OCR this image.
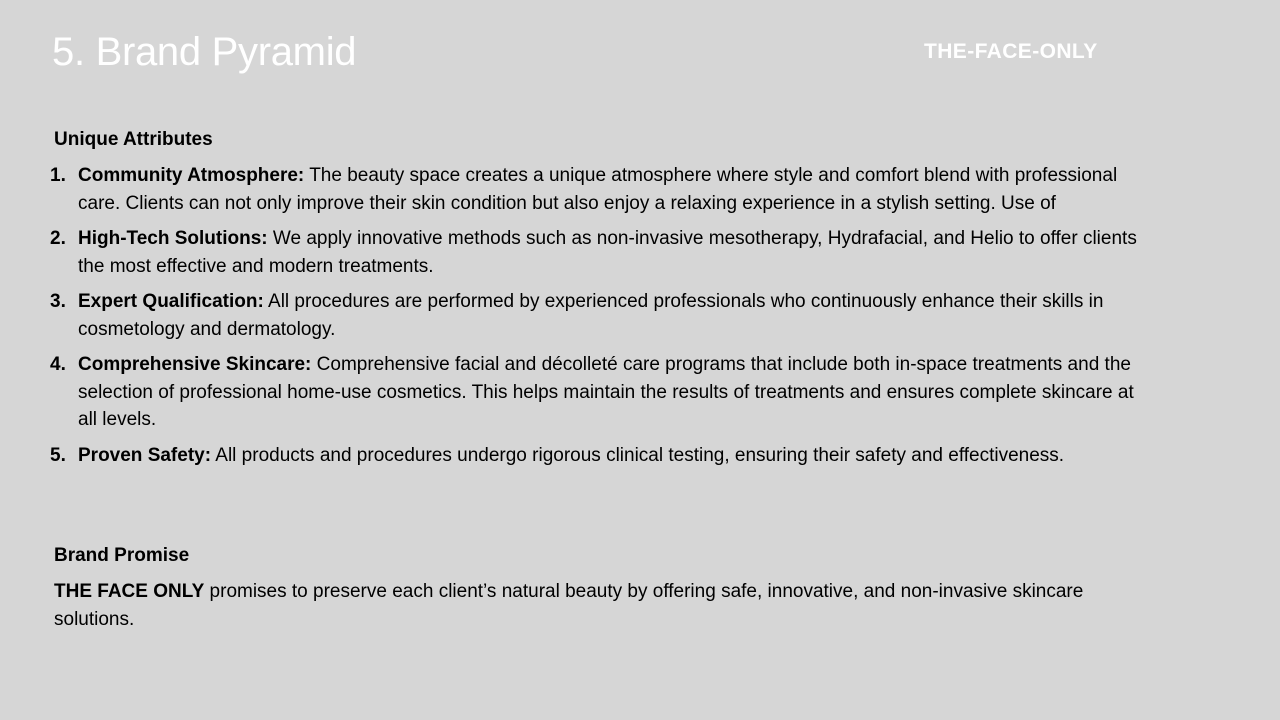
5. Brand Pyramid	THE-FACE-ONLY
Unique Attributes
1. Community Atmosphere: The beauty space creates a unique atmosphere where style and comfort blend with professional care. Clients can not only improve their skin condition but also enjoy a relaxing experience in a stylish setting. Use of
2. High-Tech Solutions: We apply innovative methods such as non-invasive mesotherapy, Hydrafacial, and Helio to offer clients the most effective and modern treatments.
3. Expert Qualification: All procedures are performed by experienced professionals who continuously enhance their skills in cosmetology and dermatology.
4. Comprehensive Skincare: Comprehensive facial and décolleté care programs that include both in-space treatments and the selection of professional home-use cosmetics. This helps maintain the results of treatments and ensures complete skincare at all levels.
5. Proven Safety: All products and procedures undergo rigorous clinical testing, ensuring their safety and effectiveness.
Brand Promise

THE FACE ONLY promises to preserve each client’s natural beauty by offering safe, innovative, and non-invasive skincare solutions.
